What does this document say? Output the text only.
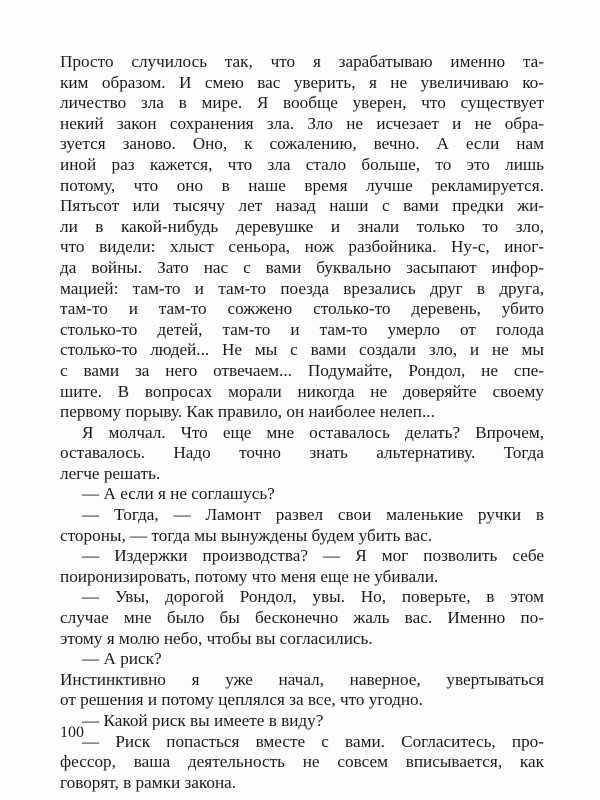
Просто случилось так, что я зарабатываю именно та-
ким образом. И смею вас уверить, я не увеличиваю ко-
личество зла в мире. Я вообще уверен, что существует
некий закон сохранения зла. Зло не исчезает и не обра-
зуется заново. Оно, к сожалению, вечно. А если нам
иной раз кажется, что зла стало больше, то это лишь
потому, что оно в наше время лучше рекламируется.
Пятьсот или тысячу лет назад наши с вами предки жи-
ли в какой-нибудь деревушке и знали только то зло,
что видели: хлыст сеньора, нож разбойника. Ну-с, иног-
да войны. Зато нас с вами буквально засыпают инфор-
мацией: там-то и там-то поезда врезались друг в друга,
там-то и там-то сожжено столько-то деревень, убито
столько-то детей, там-то и там-то умерло от голода
столько-то людей... Не мы с вами создали зло, и не мы
с вами за него отвечаем... Подумайте, Рондол, не спе-
шите. В вопросах морали никогда не доверяйте своему
первому порыву. Как правило, он наиболее нелеп...
Я молчал. Что еще мне оставалось делать? Впрочем,
оставалось. Надо точно знать альтернативу. Тогда
легче решать.
— А если я не соглашусь?
— Тогда, — Ламонт развел свои маленькие ручки в
стороны, — тогда мы вынуждены будем убить вас.
— Издержки производства? — Я мог позволить себе
поиронизировать, потому что меня еще не убивали.
— Увы, дорогой Рондол, увы. Но, поверьте, в этом
случае мне было бы бесконечно жаль вас. Именно по-
этому я молю небо, чтобы вы согласились.
— А риск?
Инстинктивно я уже начал, наверное, увертываться
от решения и потому цеплялся за все, что угодно.
— Какой риск вы имеете в виду?
— Риск попасться вместе с вами. Согласитесь, про-
фессор, ваша деятельность не совсем вписывается, как
говорят, в рамки закона.
100
